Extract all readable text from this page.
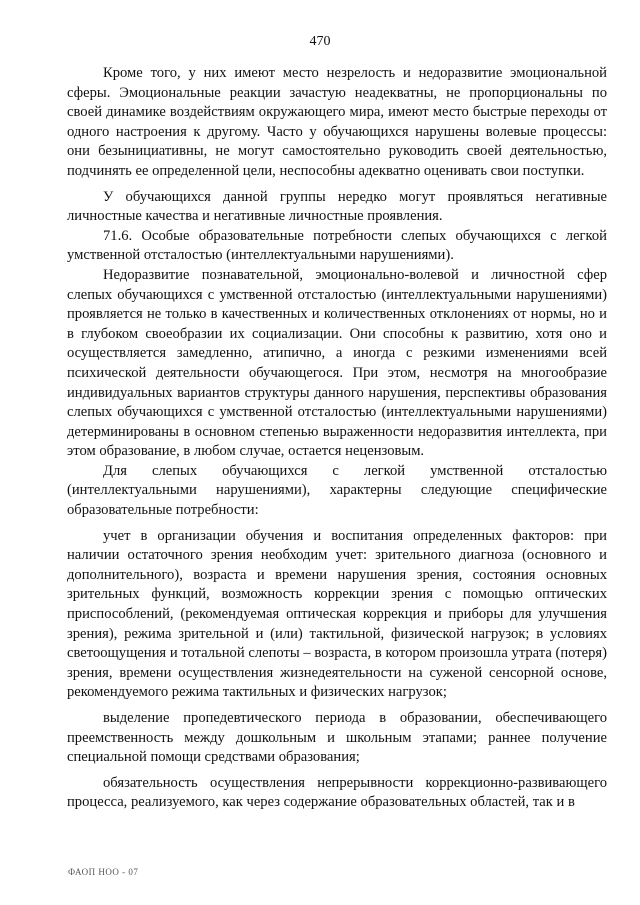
470

Кроме того, у них имеют место незрелость и недоразвитие эмоциональной сферы. Эмоциональные реакции зачастую неадекватны, не пропорциональны по своей динамике воздействиям окружающего мира, имеют место быстрые переходы от одного настроения к другому. Часто у обучающихся нарушены волевые процессы: они безынициативны, не могут самостоятельно руководить своей деятельностью, подчинять ее определенной цели, неспособны адекватно оценивать свои поступки.

У обучающихся данной группы нередко могут проявляться негативные личностные качества и негативные личностные проявления.

71.6. Особые образовательные потребности слепых обучающихся с легкой умственной отсталостью (интеллектуальными нарушениями).

Недоразвитие познавательной, эмоционально-волевой и личностной сфер слепых обучающихся с умственной отсталостью (интеллектуальными нарушениями) проявляется не только в качественных и количественных отклонениях от нормы, но и в глубоком своеобразии их социализации. Они способны к развитию, хотя оно и осуществляется замедленно, атипично, а иногда с резкими изменениями всей психической деятельности обучающегося. При этом, несмотря на многообразие индивидуальных вариантов структуры данного нарушения, перспективы образования слепых обучающихся с умственной отсталостью (интеллектуальными нарушениями) детерминированы в основном степенью выраженности недоразвития интеллекта, при этом образование, в любом случае, остается нецензовым.

Для слепых обучающихся с легкой умственной отсталостью (интеллектуальными нарушениями), характерны следующие специфические образовательные потребности:

учет в организации обучения и воспитания определенных факторов: при наличии остаточного зрения необходим учет: зрительного диагноза (основного и дополнительного), возраста и времени нарушения зрения, состояния основных зрительных функций, возможность коррекции зрения с помощью оптических приспособлений, (рекомендуемая оптическая коррекция и приборы для улучшения зрения), режима зрительной и (или) тактильной, физической нагрузок; в условиях светоощущения и тотальной слепоты – возраста, в котором произошла утрата (потеря) зрения, времени осуществления жизнедеятельности на суженой сенсорной основе, рекомендуемого режима тактильных и физических нагрузок;

выделение пропедевтического периода в образовании, обеспечивающего преемственность между дошкольным и школьным этапами; раннее получение специальной помощи средствами образования;

обязательность осуществления непрерывности коррекционно-развивающего процесса, реализуемого, как через содержание образовательных областей, так и в

ФАОП НОО - 07
